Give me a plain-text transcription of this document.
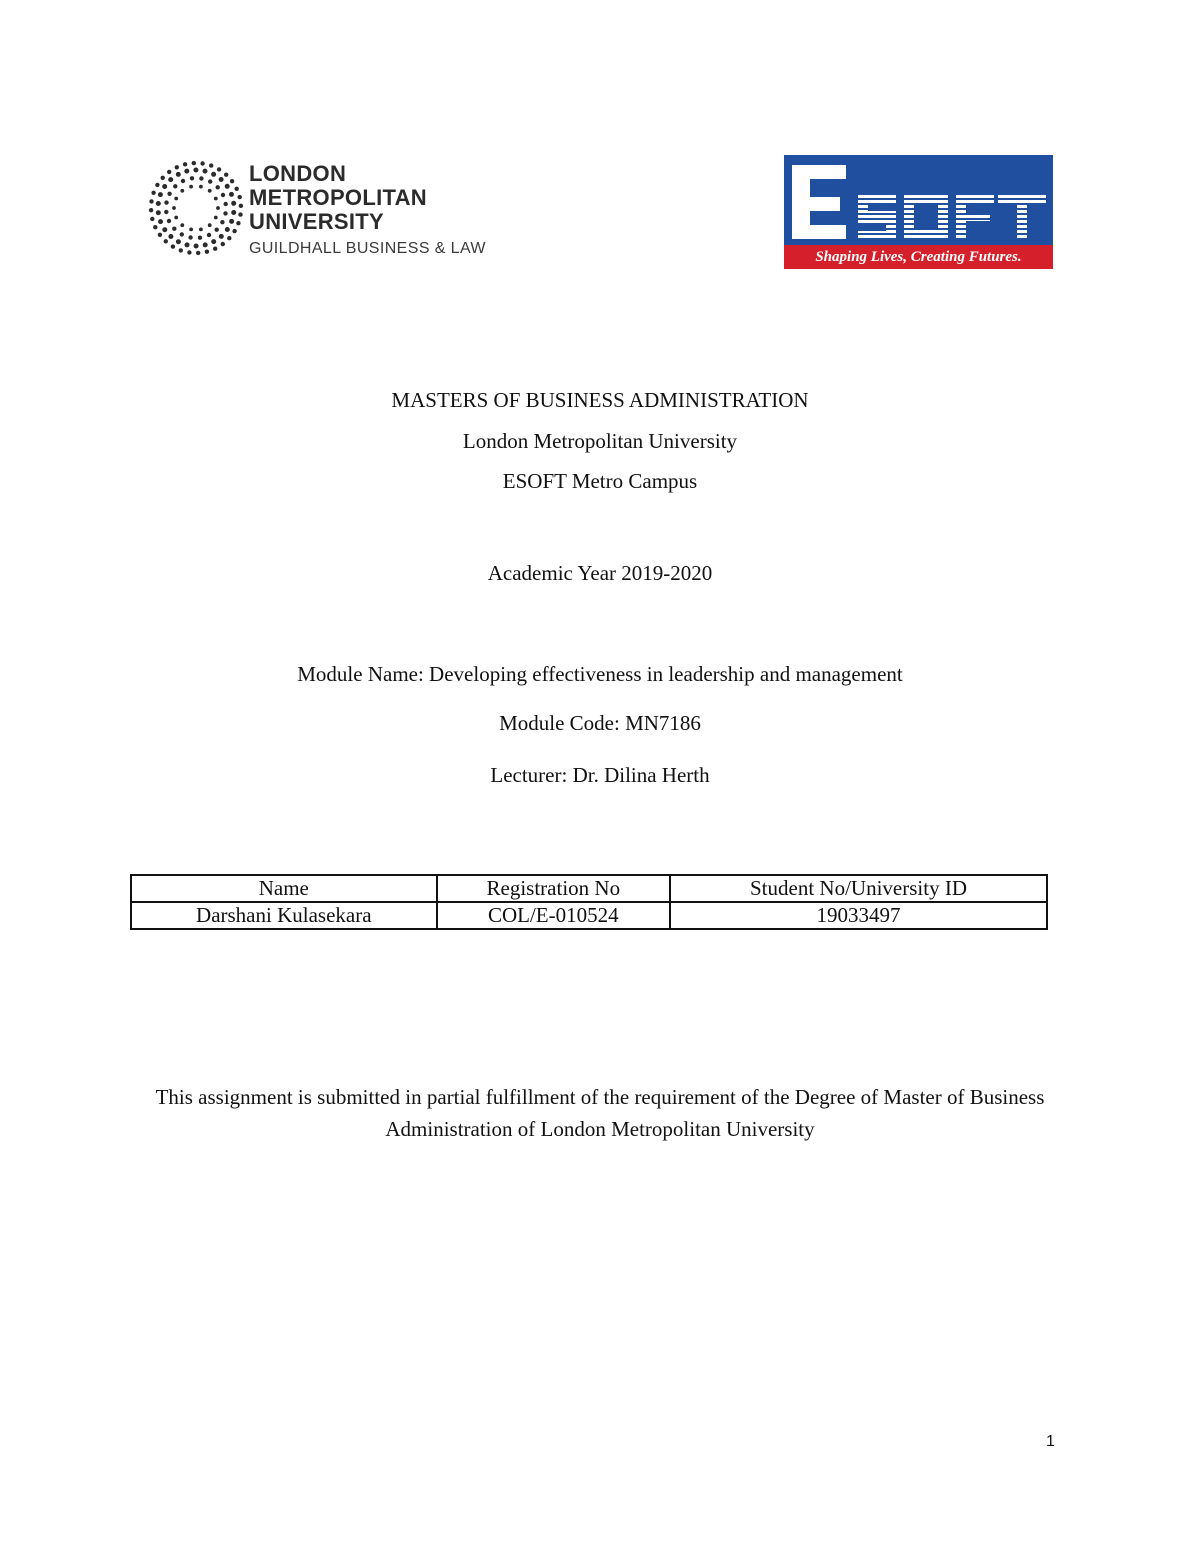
LONDON
METROPOLITAN
UNIVERSITY
GUILDHALL BUSINESS & LAW	Shaping Lives, Creating Futures.
MASTERS OF BUSINESS ADMINISTRATION
London Metropolitan University
ESOFT Metro Campus
Academic Year 2019-2020
Module Name: Developing effectiveness in leadership and management
Module Code: MN7186
Lecturer: Dr. Dilina Herth
Name	Registration No	Student No/University ID
Darshani Kulasekara	COL/E-010524	19033497
This assignment is submitted in partial fulfillment of the requirement of the Degree of Master of Business Administration of London Metropolitan University
1
